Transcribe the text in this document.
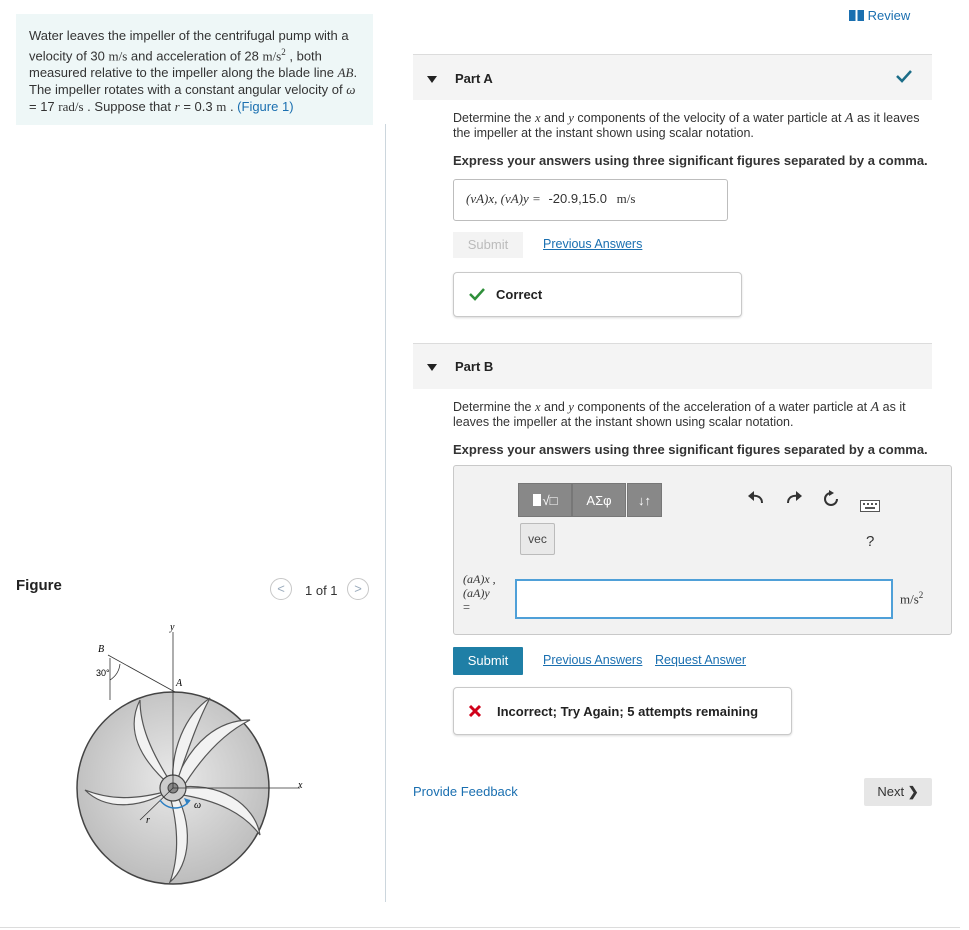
Review
Water leaves the impeller of the centrifugal pump with a velocity of 30 m/s and acceleration of 28 $m/s^2$ , both measured relative to the impeller along the blade line AB. The impeller rotates with a constant angular velocity of ω = 17 rad/s . Suppose that r = 0.3 m . (Figure 1)
Figure	<	1 of 1	>
y
x
B
A
30°
r
ω
Part A
Determine the x and y components of the velocity of a water particle at A as it leaves the impeller at the instant shown using scalar notation.
Express your answers using three significant figures separated by a comma.
(vA)x, (vA)y = -20.9,15.0 m/s
Submit	Previous Answers
Correct
Part B
Determine the x and y components of the acceleration of a water particle at A as it leaves the impeller at the instant shown using scalar notation.
Express your answers using three significant figures separated by a comma.
√□	ΑΣφ	↓↑
vec	?
(aA)x ,
(aA)y
=
$m/s^2$
Submit	Previous Answers Request Answer
Incorrect; Try Again; 5 attempts remaining
Provide Feedback	Next ❯
